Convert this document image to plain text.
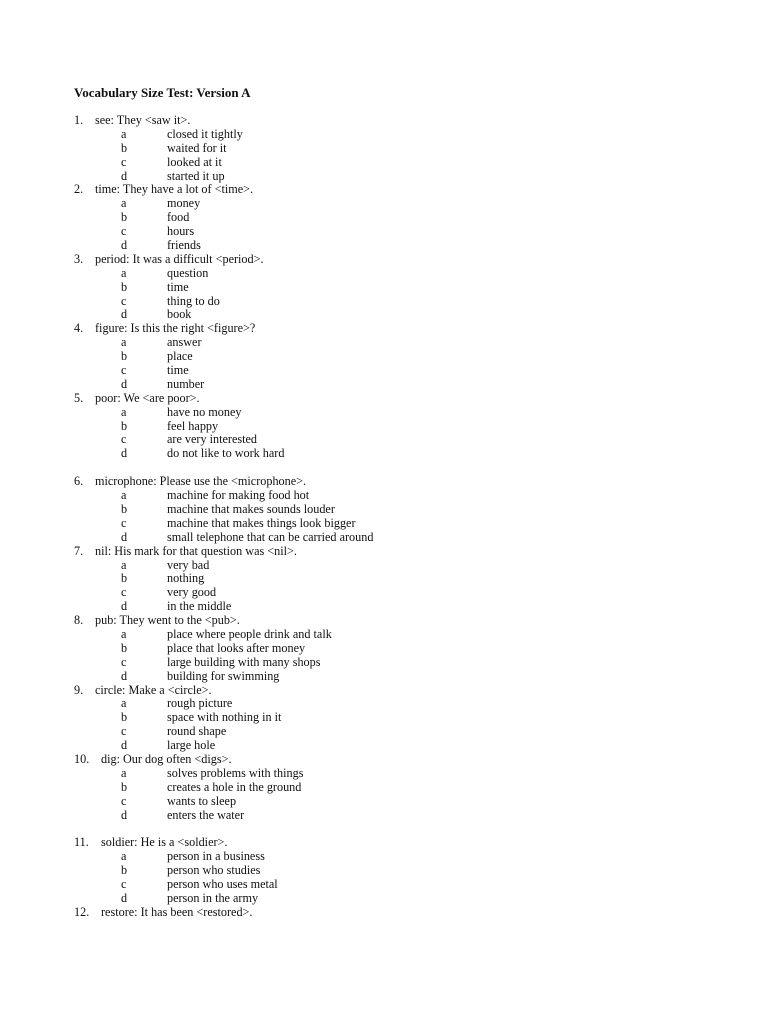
Vocabulary Size Test: Version A
1. see: They <saw it>.
a	closed it tightly
b	waited for it
c	looked at it
d	started it up
2. time: They have a lot of <time>.
a	money
b	food
c	hours
d	friends
3. period: It was a difficult <period>.
a	question
b	time
c	thing to do
d	book
4. figure: Is this the right <figure>?
a	answer
b	place
c	time
d	number
5. poor: We <are poor>.
a	have no money
b	feel happy
c	are very interested
d	do not like to work hard
6. microphone: Please use the <microphone>.
a	machine for making food hot
b	machine that makes sounds louder
c	machine that makes things look bigger
d	small telephone that can be carried around
7. nil: His mark for that question was <nil>.
a	very bad
b	nothing
c	very good
d	in the middle
8. pub: They went to the <pub>.
a	place where people drink and talk
b	place that looks after money
c	large building with many shops
d	building for swimming
9. circle: Make a <circle>.
a	rough picture
b	space with nothing in it
c	round shape
d	large hole
10. dig: Our dog often <digs>.
a	solves problems with things
b	creates a hole in the ground
c	wants to sleep
d	enters the water
11. soldier: He is a <soldier>.
a	person in a business
b	person who studies
c	person who uses metal
d	person in the army
12. restore: It has been <restored>.
